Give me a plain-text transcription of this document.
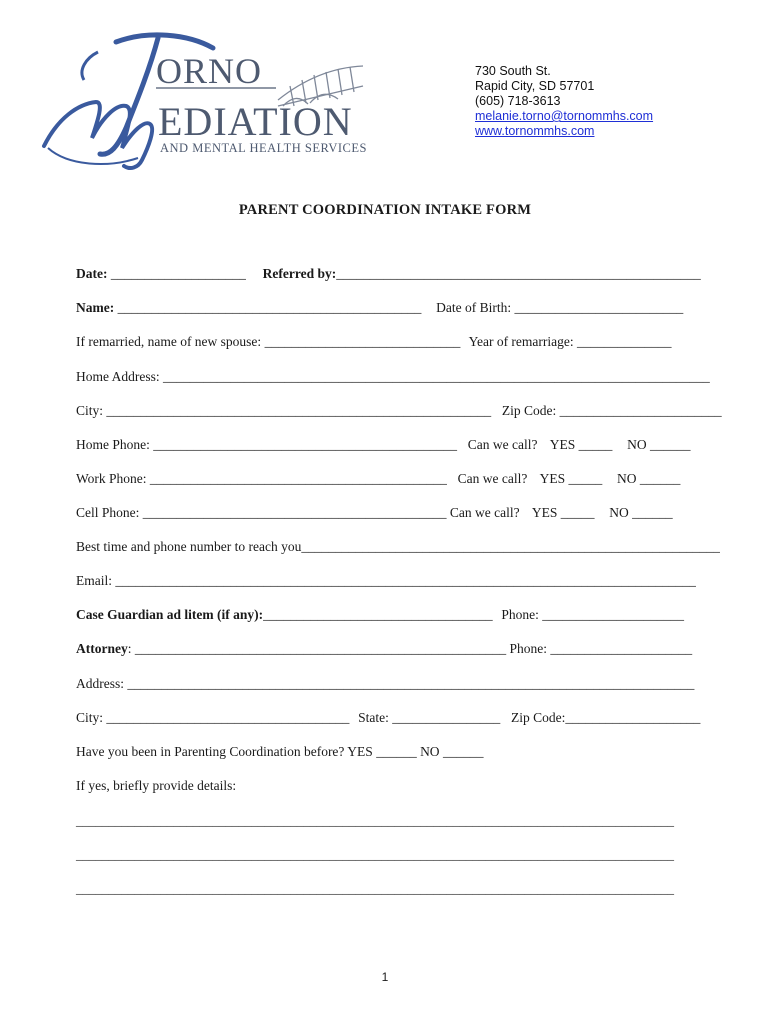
ORNO
EDIATION
AND MENTAL HEALTH SERVICES
730 South St.
Rapid City, SD 57701
(605) 718-3613
melanie.torno@tornommhs.com
www.tornommhs.com
PARENT COORDINATION INTAKE FORM
Date: ____________________ Referred by:______________________________________________________
Name: _____________________________________________ Date of Birth: _________________________
If remarried, name of new spouse: _____________________________ Year of remarriage: ______________
Home Address: _________________________________________________________________________________
City: _________________________________________________________ Zip Code: ________________________
Home Phone: _____________________________________________ Can we call? YES _____ NO ______
Work Phone: ____________________________________________ Can we call? YES _____ NO ______
Cell Phone: _____________________________________________ Can we call? YES _____ NO ______
Best time and phone number to reach you______________________________________________________________
Email: ______________________________________________________________________________________
Case Guardian ad litem (if any):__________________________________ Phone: _____________________
Attorney: _______________________________________________________ Phone: _____________________
Address: ____________________________________________________________________________________
City: ____________________________________ State: ________________ Zip Code:____________________
Have you been in Parenting Coordination before? YES ______ NO ______
If yes, briefly provide details:
____________________________________________________________________________________________
____________________________________________________________________________________________
____________________________________________________________________________________________
1
